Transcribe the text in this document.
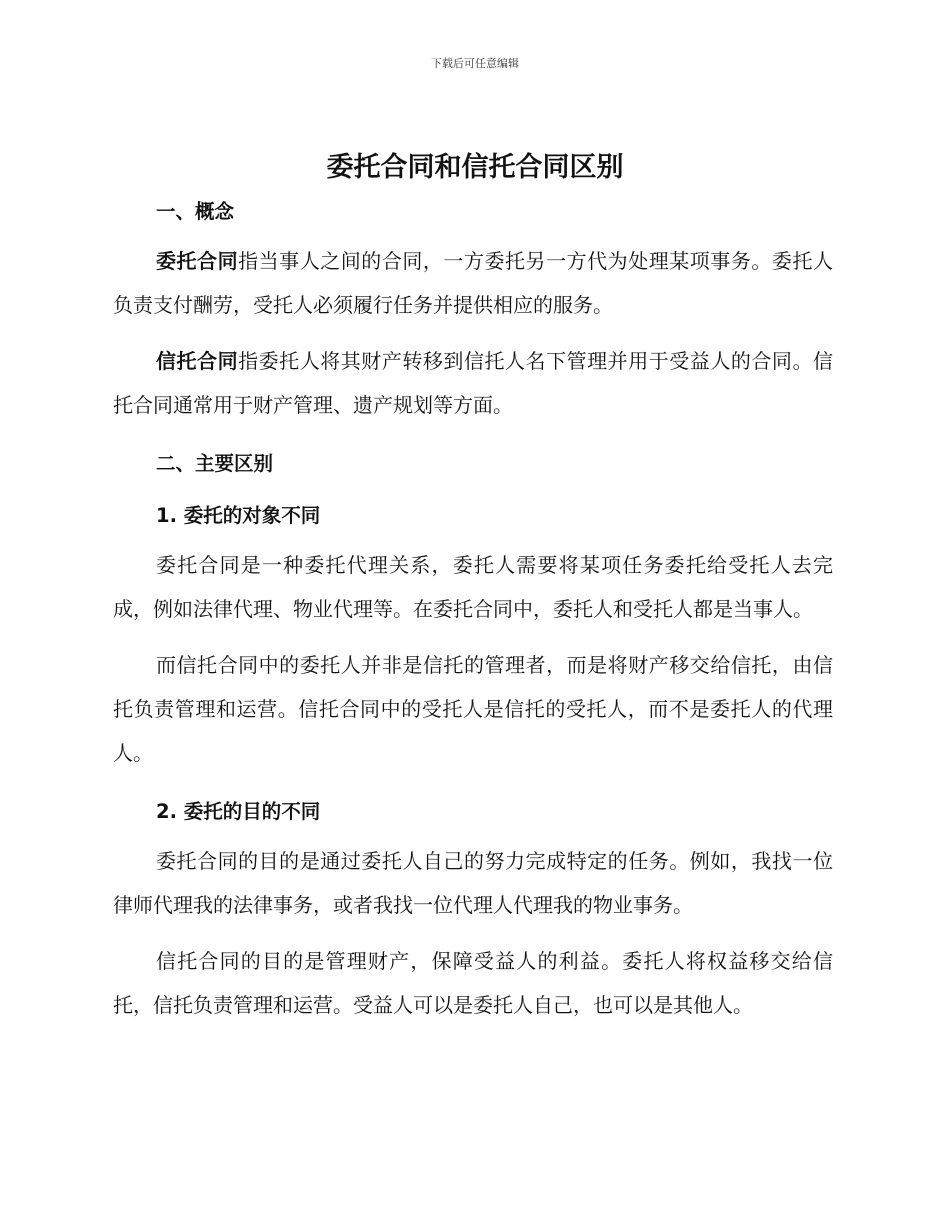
下载后可任意编辑
委托合同和信托合同区别
一、概念

委托合同指当事人之间的合同，一方委托另一方代为处理某项事务。委托人负责支付酬劳，受托人必须履行任务并提供相应的服务。

信托合同指委托人将其财产转移到信托人名下管理并用于受益人的合同。信托合同通常用于财产管理、遗产规划等方面。

二、主要区别
1. 委托的对象不同

委托合同是一种委托代理关系，委托人需要将某项任务委托给受托人去完成，例如法律代理、物业代理等。在委托合同中，委托人和受托人都是当事人。

而信托合同中的委托人并非是信托的管理者，而是将财产移交给信托，由信托负责管理和运营。信托合同中的受托人是信托的受托人，而不是委托人的代理人。

2. 委托的目的不同

委托合同的目的是通过委托人自己的努力完成特定的任务。例如，我找一位律师代理我的法律事务，或者我找一位代理人代理我的物业事务。

信托合同的目的是管理财产，保障受益人的利益。委托人将权益移交给信托，信托负责管理和运营。受益人可以是委托人自己，也可以是其他人。
